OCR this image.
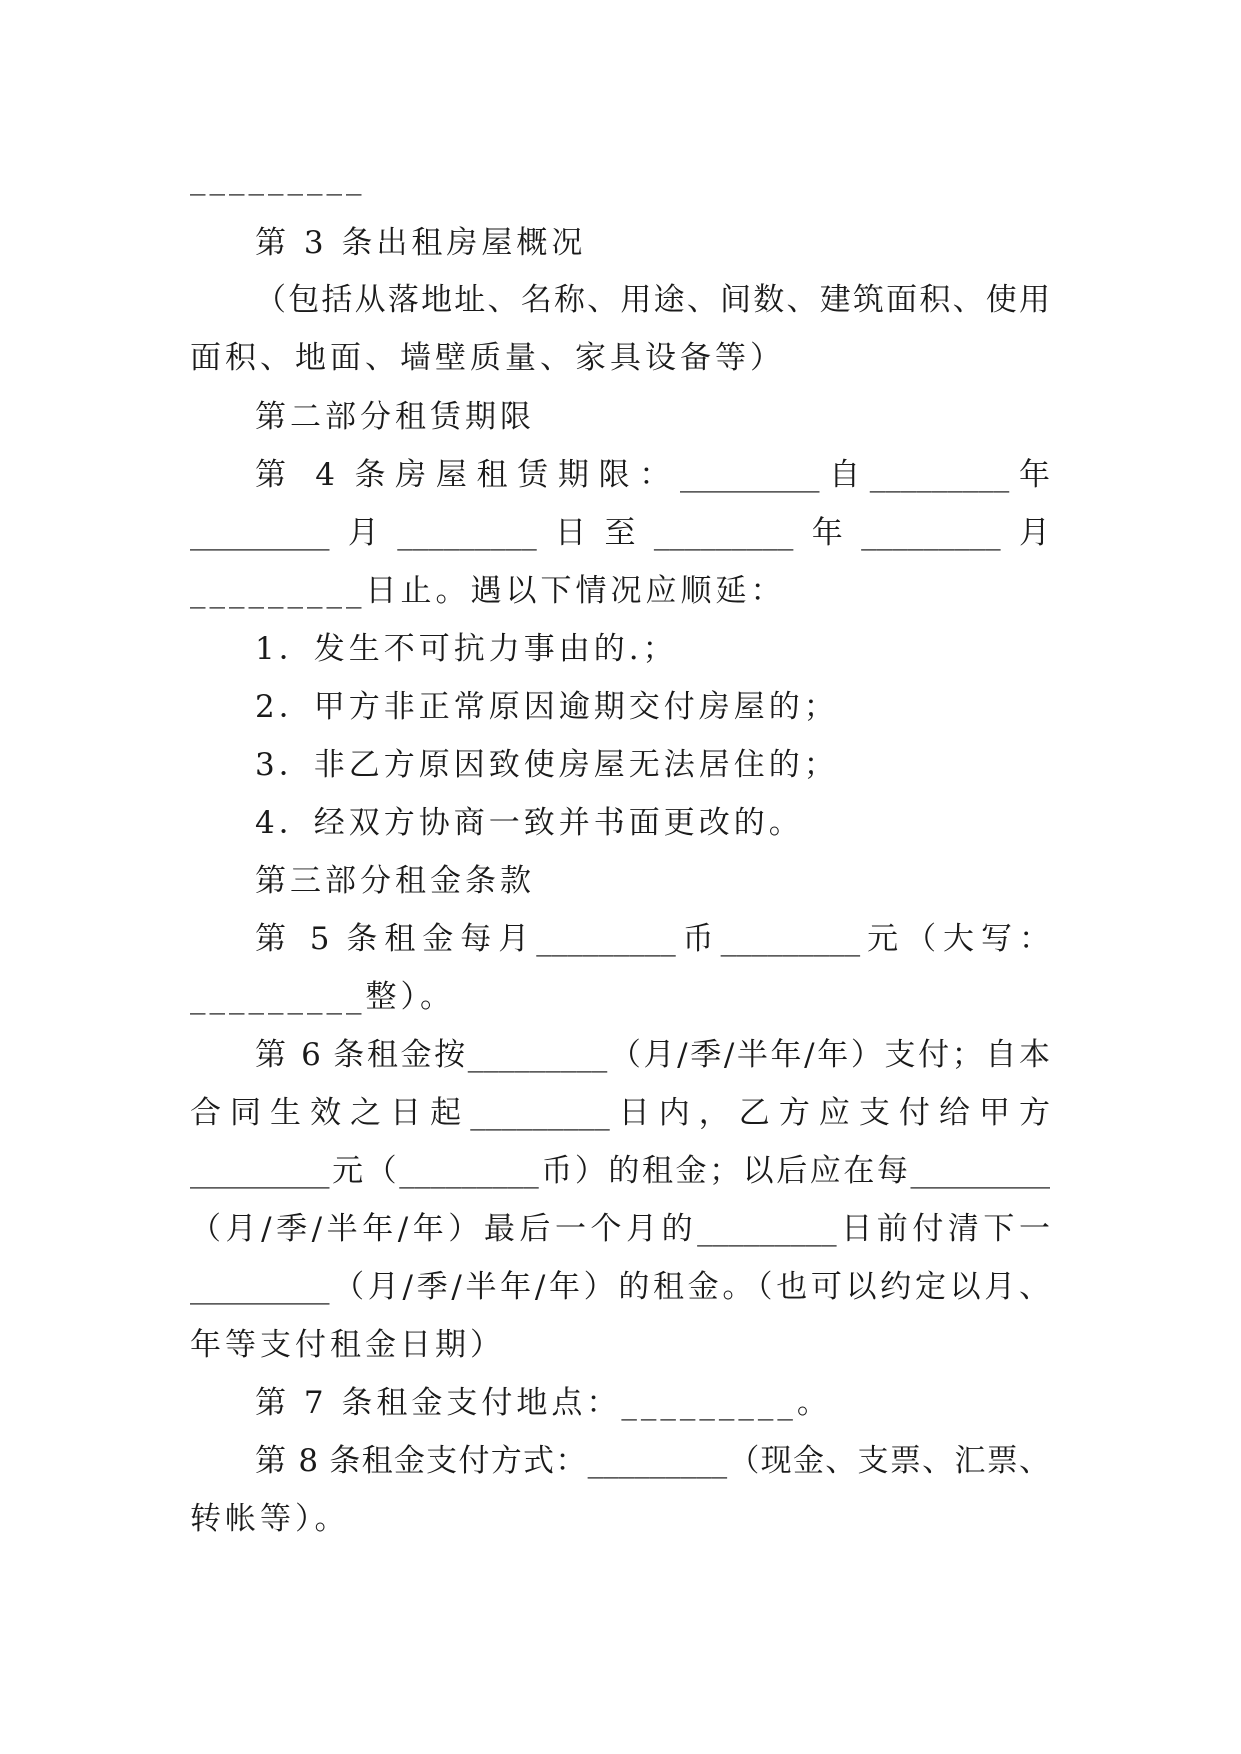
_________
第 3 条出租房屋概况
（包括从落地址、名称、用途、间数、建筑面积、使用
面积、地面、墙壁质量、家具设备等）
第二部分租赁期限
第 4 条房屋租赁期限：_________自_________年
_________月_________日至_________年_________月
_________日止。遇以下情况应顺延：
1．发生不可抗力事由的.；
2．甲方非正常原因逾期交付房屋的；
3．非乙方原因致使房屋无法居住的；
4．经双方协商一致并书面更改的。
第三部分租金条款
第 5 条租金每月_________币_________元（大写：
_________整）。
第 6 条租金按_________（月/季/半年/年）支付；自本
合同生效之日起_________日内，乙方应支付给甲方
_________元（_________币）的租金；以后应在每_________
（月/季/半年/年）最后一个月的_________日前付清下一
_________（月/季/半年/年）的租金。（也可以约定以月、
年等支付租金日期）
第 7 条租金支付地点：_________。
第 8 条租金支付方式：_________（现金、支票、汇票、
转帐等）。
